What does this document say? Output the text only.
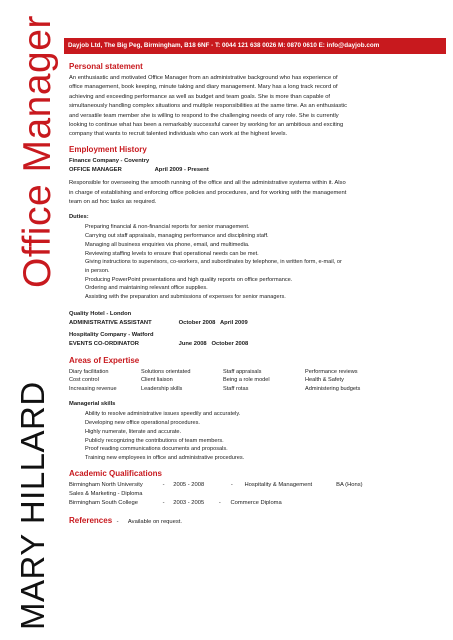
Office Manager
MARY HILLARD
Dayjob Ltd, The Big Peg, Birmingham, B18 6NF - T: 0044 121 638 0026 M: 0870 0610 E: info@dayjob.com
Personal statement

An enthusiastic and motivated Office Manager from an administrative background who has experience of

office management, book keeping, minute taking and diary management. Mary has a long track record of

achieving and exceeding performance as well as budget and team goals. She is more than capable of

simultaneously handling complex situations and multiple responsibilities at the same time. As an enthusiastic

and versatile team member she is willing to respond to the challenging needs of any role. She is currently

looking to continue what has been a remarkably successful career by working for an ambitious and exciting

company that wants to recruit talented individuals who can work at the highest levels.

Employment History
Finance Company - Coventry
OFFICE MANAGER	April 2009 - Present

Responsible for overseeing the smooth running of the office and all the administrative systems within it. Also

in charge of establishing and enforcing office policies and procedures, and for working with the management

team on ad hoc tasks as required.

Duties:
Preparing financial & non-financial reports for senior management.
Carrying out staff appraisals, managing performance and disciplining staff.
Managing all business enquiries via phone, email, and multimedia.
Reviewing staffing levels to ensure that operational needs can be met.
Giving instructions to supervisors, co-workers, and subordinates by telephone, in written form, e-mail, or
in person.
Producing PowerPoint presentations and high quality reports on office performance.
Ordering and maintaining relevant office supplies.
Assisting with the preparation and submissions of expenses for senior managers.
Quality Hotel - London
ADMINISTRATIVE ASSISTANT	October 2008   April 2009
Hospitality Company - Watford
EVENTS CO-ORDINATOR	June 2008   October 2008
Areas of Expertise
Diary facilitation	Solutions orientated	Staff appraisals	Performance reviews
Cost control	Client liaison	Being a role model	Health & Safety
Increasing revenue	Leadership skills	Staff rotas	Administering budgets
Managerial skills
Ability to resolve administrative issues speedily and accurately.
Developing new office operational procedures.
Highly numerate, literate and accurate.
Publicly recognizing the contributions of team members.
Proof reading communications documents and proposals.
Training new employees in office and administrative procedures.
Academic Qualifications
Birmingham North University	- 2005 - 2008	- Hospitality & Management	BA (Hons)
Sales & Marketing - Diploma
Birmingham South College	- 2003 - 2005	- Commerce Diploma
References - Available on request.
